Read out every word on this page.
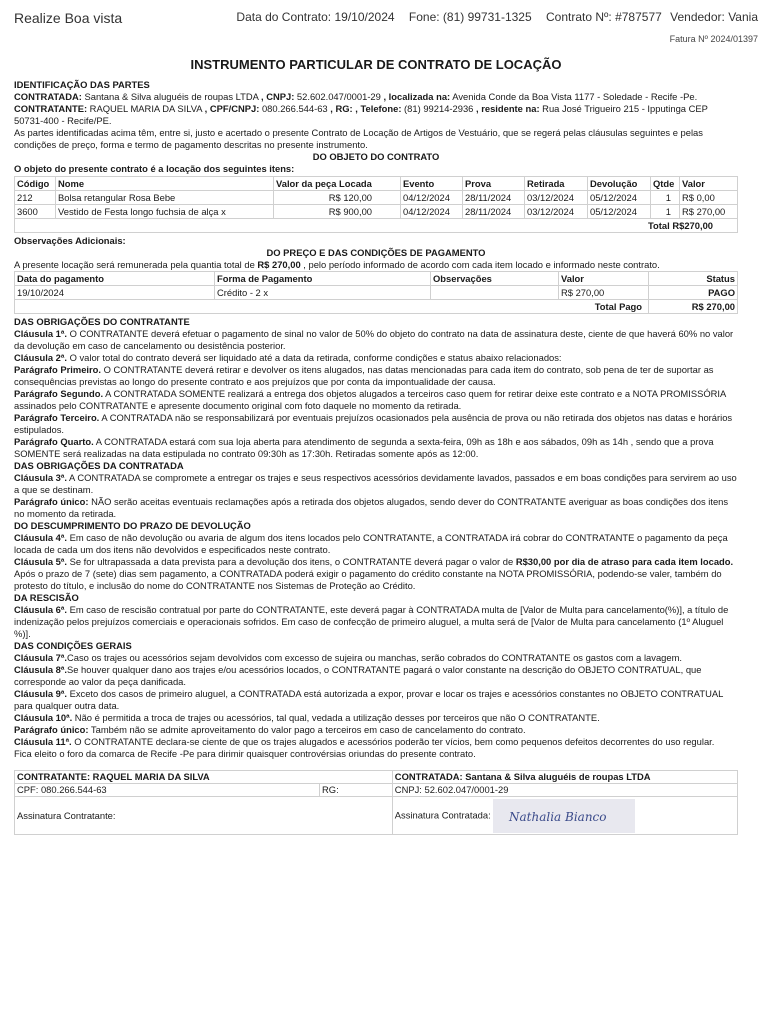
Realize Boa vista	Data do Contrato: 19/10/2024 Fone: (81) 99731-1325 Contrato Nº: #787577 Vendedor: Vania
Fatura Nº 2024/01397
INSTRUMENTO PARTICULAR DE CONTRATO DE LOCAÇÃO
IDENTIFICAÇÃO DAS PARTES

CONTRATADA: Santana & Silva aluguéis de roupas LTDA , CNPJ: 52.602.047/0001-29 , localizada na: Avenida Conde da Boa Vista 1177 - Soledade - Recife -Pe.

CONTRATANTE: RAQUEL MARIA DA SILVA , CPF/CNPJ: 080.266.544-63 , RG: , Telefone: (81) 99214-2936 , residente na: Rua José Trigueiro 215 - Ipputinga CEP 50731-400 - Recife/PE.

As partes identificadas acima têm, entre si, justo e acertado o presente Contrato de Locação de Artigos de Vestuário, que se regerá pelas cláusulas seguintes e pelas condições de preço, forma e termo de pagamento descritas no presente instrumento.

DO OBJETO DO CONTRATO
O objeto do presente contrato é a locação dos seguintes itens:
Código	Nome	Valor da peça Locada	Evento	Prova	Retirada	Devolução	Qtde	Valor
212	Bolsa retangular Rosa Bebe	R$ 120,00	04/12/2024	28/11/2024	03/12/2024	05/12/2024	1	R$ 0,00
3600	Vestido de Festa longo fuchsia de alça x	R$ 900,00	04/12/2024	28/11/2024	03/12/2024	05/12/2024	1	R$ 270,00
Total R$270,00								
Observações Adicionais:
DO PREÇO E DAS CONDIÇÕES DE PAGAMENTO

A presente locação será remunerada pela quantia total de R$ 270,00 , pelo período informado de acordo com cada item locado e informado neste contrato.

Data do pagamento	Forma de Pagamento	Observações	Valor	Status
19/10/2024	Crédito - 2 x		R$ 270,00	PAGO
			Total Pago	R$ 270,00
DAS OBRIGAÇÕES DO CONTRATANTE

Cláusula 1ª. O CONTRATANTE deverá efetuar o pagamento de sinal no valor de 50% do objeto do contrato na data de assinatura deste, ciente de que haverá 60% no valor da devolução em caso de cancelamento ou desistência posterior.

Cláusula 2ª. O valor total do contrato deverá ser liquidado até a data da retirada, conforme condições e status abaixo relacionados:

Parágrafo Primeiro. O CONTRATANTE deverá retirar e devolver os itens alugados, nas datas mencionadas para cada item do contrato, sob pena de ter de suportar as consequências previstas ao longo do presente contrato e aos prejuízos que por conta da impontualidade der causa.

Parágrafo Segundo. A CONTRATADA SOMENTE realizará a entrega dos objetos alugados a terceiros caso quem for retirar deixe este contrato e a NOTA PROMISSÓRIA assinados pelo CONTRATANTE e apresente documento original com foto daquele no momento da retirada.

Parágrafo Terceiro. A CONTRATADA não se responsabilizará por eventuais prejuízos ocasionados pela ausência de prova ou não retirada dos objetos nas datas e horários estipulados.

Parágrafo Quarto. A CONTRATADA estará com sua loja aberta para atendimento de segunda a sexta-feira, 09h as 18h e aos sábados, 09h as 14h , sendo que a prova SOMENTE será realizadas na data estipulada no contrato 09:30h as 17:30h. Retiradas somente após as 12:00.

DAS OBRIGAÇÕES DA CONTRATADA

Cláusula 3ª. A CONTRATADA se compromete a entregar os trajes e seus respectivos acessórios devidamente lavados, passados e em boas condições para servirem ao uso a que se destinam.

Parágrafo único: NÃO serão aceitas eventuais reclamações após a retirada dos objetos alugados, sendo dever do CONTRATANTE averiguar as boas condições dos itens no momento da retirada.

DO DESCUMPRIMENTO DO PRAZO DE DEVOLUÇÃO

Cláusula 4ª. Em caso de não devolução ou avaria de algum dos itens locados pelo CONTRATANTE, a CONTRATADA irá cobrar do CONTRATANTE o pagamento da peça locada de cada um dos itens não devolvidos e especificados neste contrato.

Cláusula 5ª. Se for ultrapassada a data prevista para a devolução dos itens, o CONTRATANTE deverá pagar o valor de R$30,00 por dia de atraso para cada item locado. Após o prazo de 7 (sete) dias sem pagamento, a CONTRATADA poderá exigir o pagamento do crédito constante na NOTA PROMISSÓRIA, podendo-se valer, também do protesto do título, e inclusão do nome do CONTRATANTE nos Sistemas de Proteção ao Crédito.

DA RESCISÃO

Cláusula 6ª. Em caso de rescisão contratual por parte do CONTRATANTE, este deverá pagar à CONTRATADA multa de [Valor de Multa para cancelamento(%)], a título de indenização pelos prejuízos comerciais e operacionais sofridos. Em caso de confecção de primeiro aluguel, a multa será de [Valor de Multa para cancelamento (1º Aluguel %)].

DAS CONDIÇÕES GERAIS

Cláusula 7ª.Caso os trajes ou acessórios sejam devolvidos com excesso de sujeira ou manchas, serão cobrados do CONTRATANTE os gastos com a lavagem.

Cláusula 8ª.Se houver qualquer dano aos trajes e/ou acessórios locados, o CONTRATANTE pagará o valor constante na descrição do OBJETO CONTRATUAL, que corresponde ao valor da peça danificada.

Cláusula 9ª. Exceto dos casos de primeiro aluguel, a CONTRATADA está autorizada a expor, provar e locar os trajes e acessórios constantes no OBJETO CONTRATUAL para qualquer outra data.

Cláusula 10ª. Não é permitida a troca de trajes ou acessórios, tal qual, vedada a utilização desses por terceiros que não O CONTRATANTE.

Parágrafo único: Também não se admite aproveitamento do valor pago a terceiros em caso de cancelamento do contrato.

Cláusula 11ª. O CONTRATANTE declara-se ciente de que os trajes alugados e acessórios poderão ter vícios, bem como pequenos defeitos decorrentes do uso regular.

Fica eleito o foro da comarca de Recife -Pe para dirimir quaisquer controvérsias oriundas do presente contrato.

CONTRATANTE: RAQUEL MARIA DA SILVA		CONTRATADA: Santana & Silva aluguéis de roupas LTDA
CPF: 080.266.544-63	RG:	CNPJ: 52.602.047/0001-29
Assinatura Contratante:		Assinatura Contratada: Nathalia Bianco
